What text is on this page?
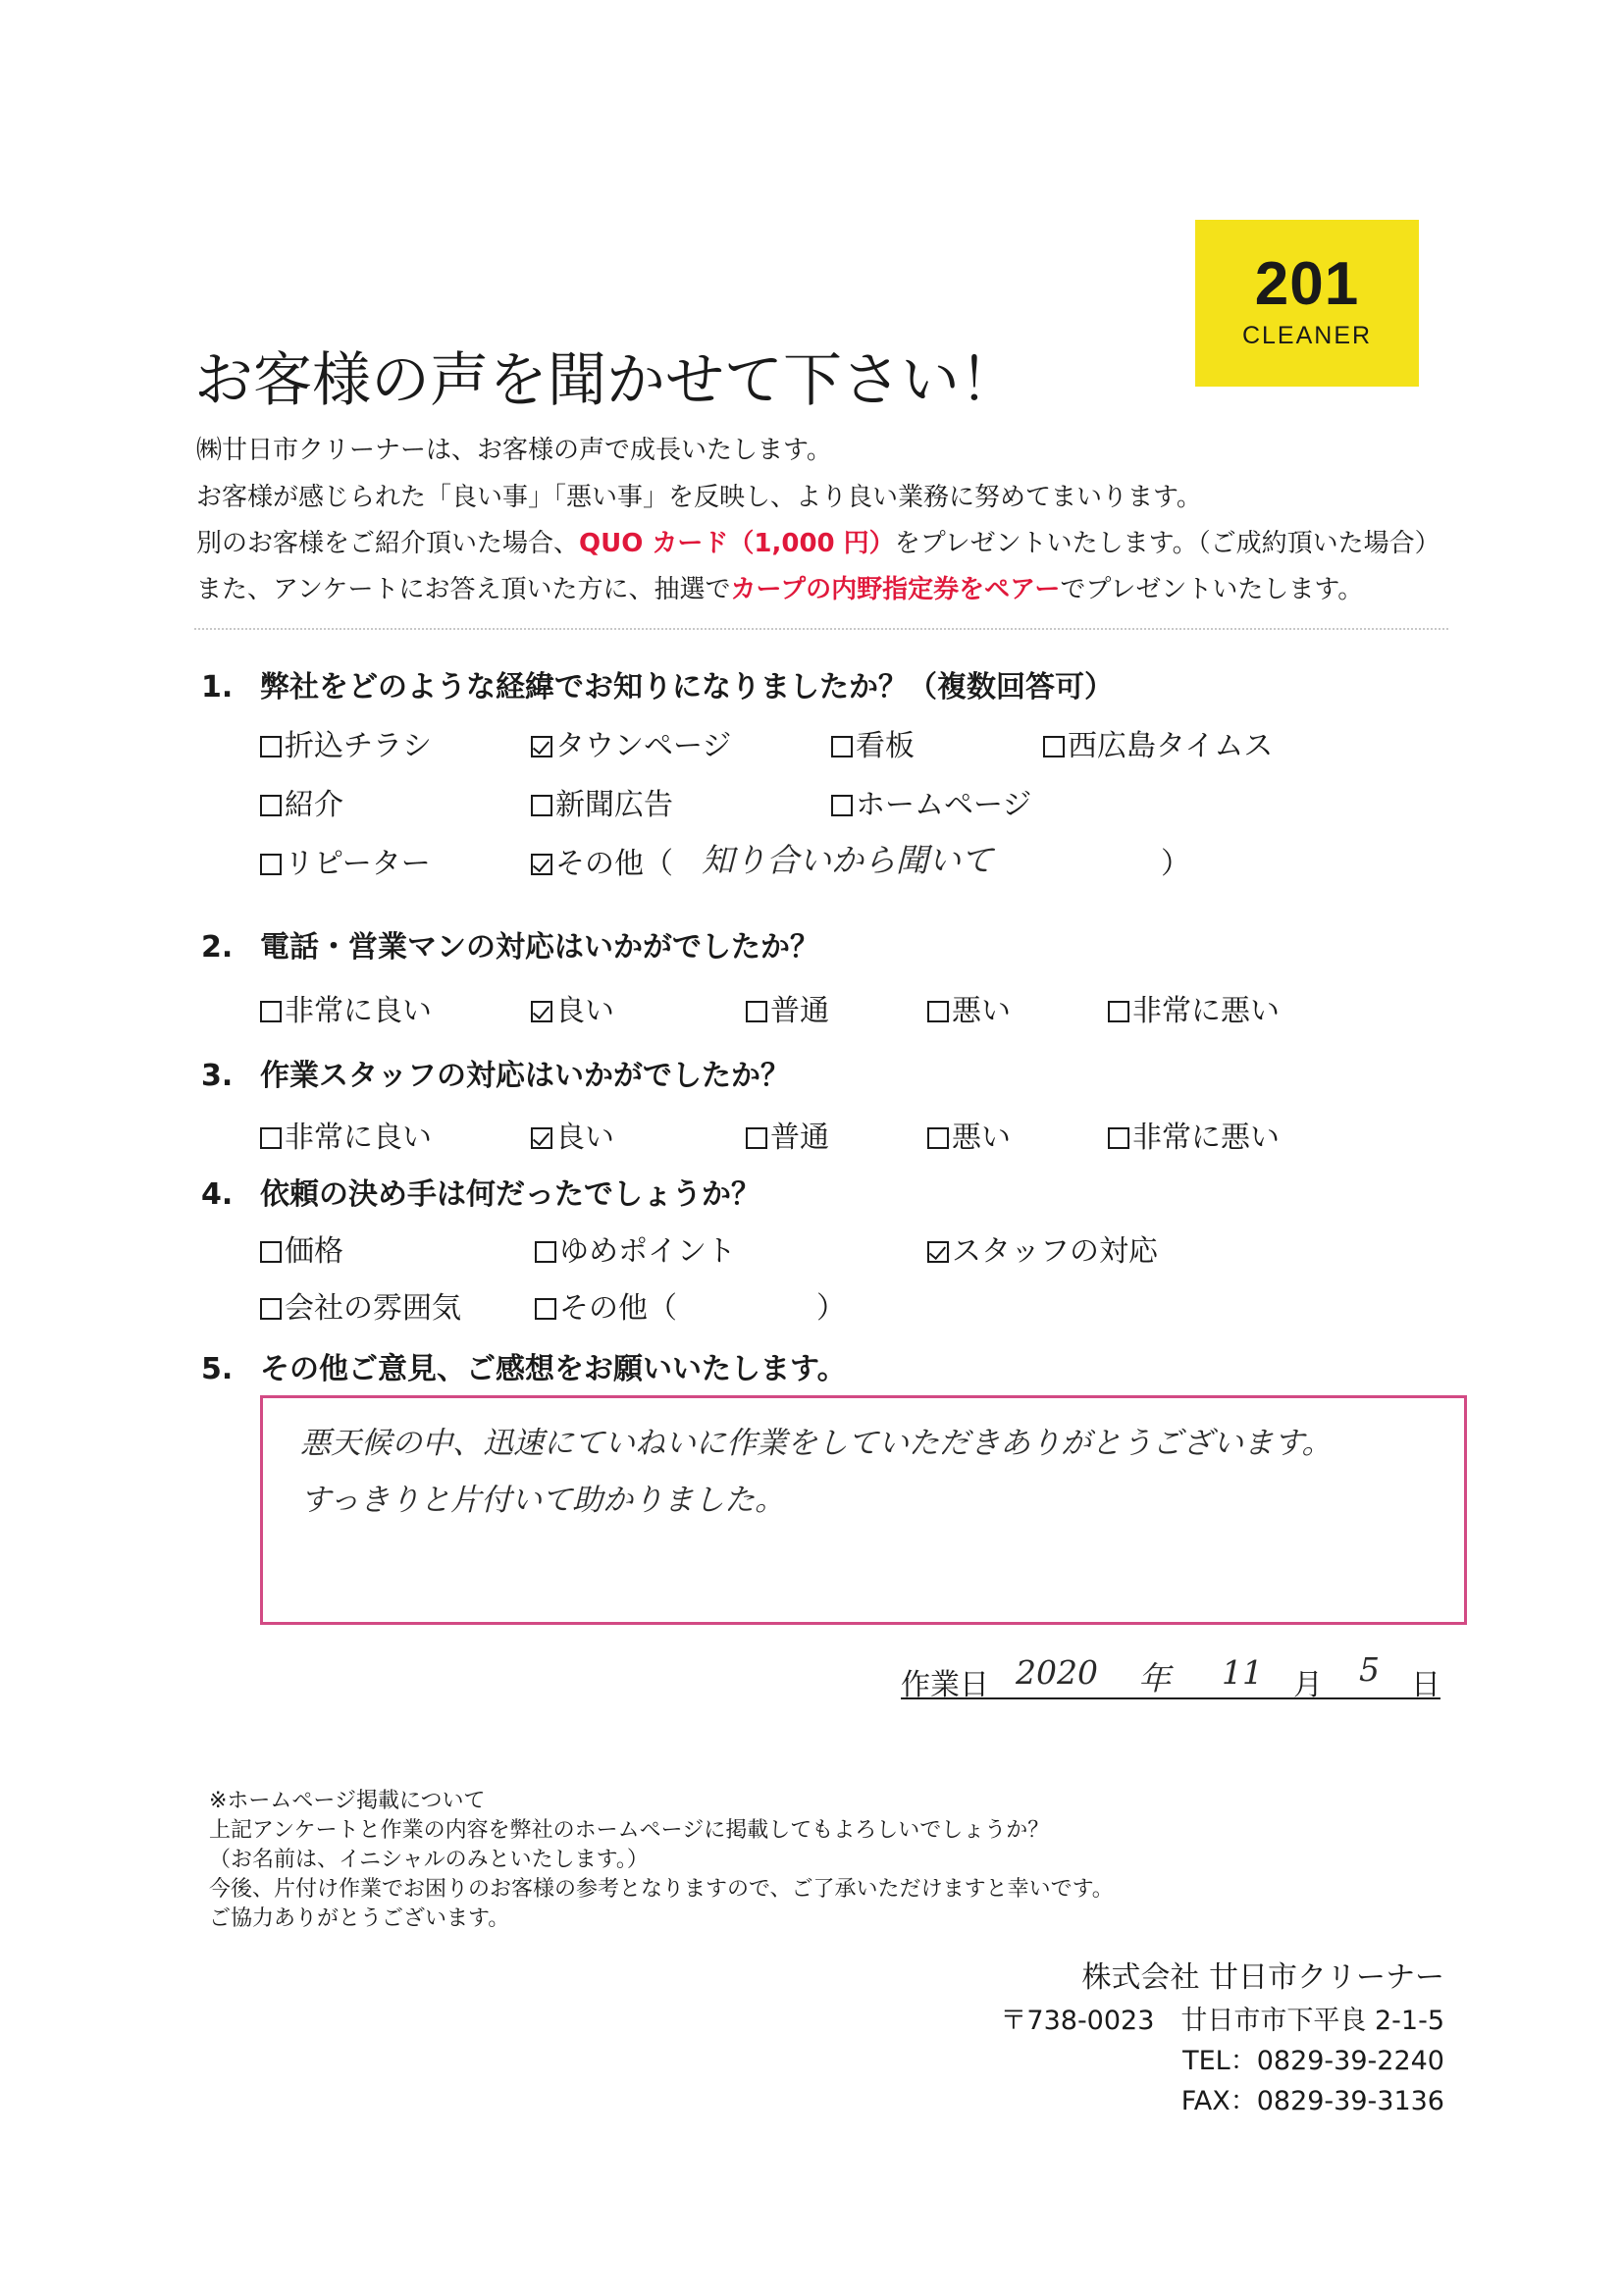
201
CLEANER
お客様の声を聞かせて下さい！
㈱廿日市クリーナーは、お客様の声で成長いたします。
お客様が感じられた「良い事」「悪い事」を反映し、より良い業務に努めてまいります。
別のお客様をご紹介頂いた場合、QUO カード（1,000 円）をプレゼントいたします。（ご成約頂いた場合）
また、アンケートにお答え頂いた方に、抽選でカープの内野指定券をペアーでプレゼントいたします。
1. 弊社をどのような経緯でお知りになりましたか？（複数回答可）
折込チラシ	タウンページ	看板	西広島タイムス
紹介	新聞広告	ホームページ
リピーター	その他（ 知り合いから聞いて	）
2. 電話・営業マンの対応はいかがでしたか？
非常に良い	良い	普通	悪い	非常に悪い
3. 作業スタッフの対応はいかがでしたか？
非常に良い	良い	普通	悪い	非常に悪い
4. 依頼の決め手は何だったでしょうか？
価格	ゆめポイント	スタッフの対応
会社の雰囲気	その他（	）
5. その他ご意見、ご感想をお願いいたします。
悪天候の中、迅速にていねいに作業をしていただきありがとうございます。
すっきりと片付いて助かりました。
作業日 2020 年 11 月 5 日
※ホームページ掲載について
上記アンケートと作業の内容を弊社のホームページに掲載してもよろしいでしょうか？
（お名前は、イニシャルのみといたします。）
今後、片付け作業でお困りのお客様の参考となりますので、ご了承いただけますと幸いです。
ご協力ありがとうございます。
株式会社 廿日市クリーナー
〒738-0023　廿日市市下平良 2-1-5
TEL：0829-39-2240
FAX：0829-39-3136
